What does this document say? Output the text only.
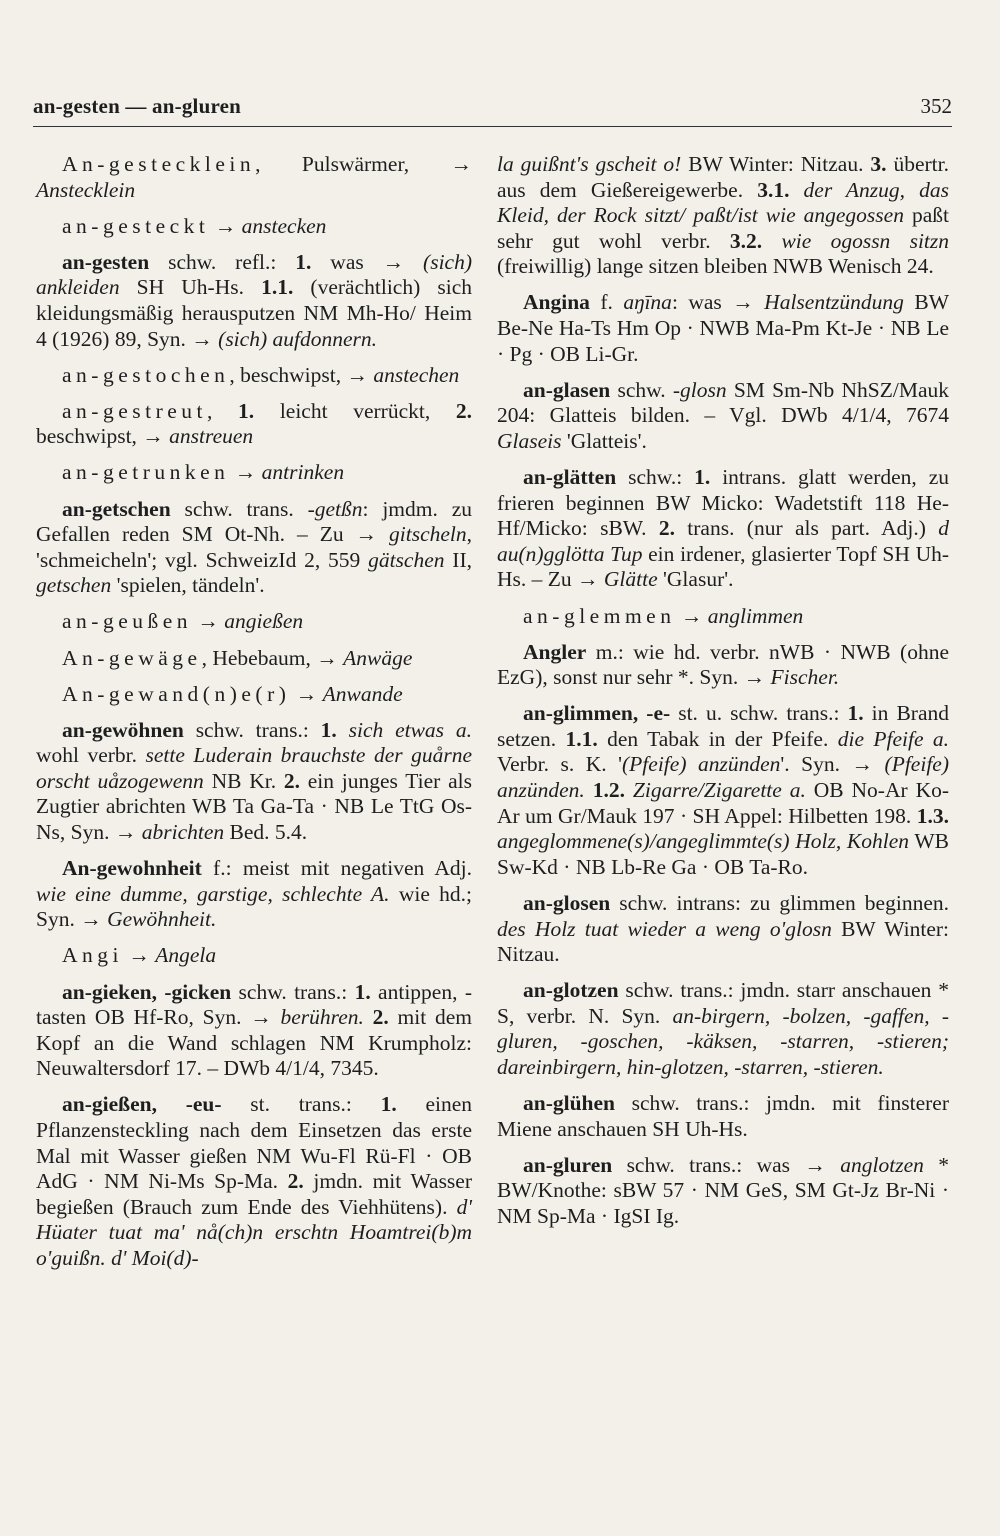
an-gesten — an-gluren	352

An-gestecklein, Pulswärmer, → Anstecklein

an-gesteckt → anstecken

an-gesten schw. refl.: 1. was → (sich) ankleiden SH Uh-Hs. 1.1. (verächtlich) sich kleidungsmäßig herausputzen NM Mh-Ho/ Heim 4 (1926) 89, Syn. → (sich) aufdonnern.

an-gestochen, beschwipst, → anstechen

an-gestreut, 1. leicht verrückt, 2. beschwipst, → anstreuen

an-getrunken → antrinken

an-getschen schw. trans. -getßn: jmdm. zu Gefallen reden SM Ot-Nh. – Zu → gitscheln, 'schmeicheln'; vgl. SchweizId 2, 559 gätschen II, getschen 'spielen, tändeln'.

an-geußen → angießen

An-gewäge, Hebebaum, → Anwäge

An-gewand(n)e(r) → Anwande

an-gewöhnen schw. trans.: 1. sich etwas a. wohl verbr. sette Luderain brauchste der guårne orscht uåzogewenn NB Kr. 2. ein junges Tier als Zugtier abrichten WB Ta Ga-Ta · NB Le TtG Os-Ns, Syn. → abrichten Bed. 5.4.

An-gewohnheit f.: meist mit negativen Adj. wie eine dumme, garstige, schlechte A. wie hd.; Syn. → Gewöhnheit.

Angi → Angela

an-gieken, -gicken schw. trans.: 1. antippen, -tasten OB Hf-Ro, Syn. → berühren. 2. mit dem Kopf an die Wand schlagen NM Krumpholz: Neuwaltersdorf 17. – DWb 4/1/4, 7345.

an-gießen, -eu- st. trans.: 1. einen Pflanzensteckling nach dem Einsetzen das erste Mal mit Wasser gießen NM Wu-Fl Rü-Fl · OB AdG · NM Ni-Ms Sp-Ma. 2. jmdn. mit Wasser begießen (Brauch zum Ende des Viehhütens). d' Hüater tuat ma' nå(ch)n erschtn Hoamtrei(b)m o'guißn. d' Moi(d)-

la guißnt's gscheit o! BW Winter: Nitzau. 3. übertr. aus dem Gießereigewerbe. 3.1. der Anzug, das Kleid, der Rock sitzt/ paßt/ist wie angegossen paßt sehr gut wohl verbr. 3.2. wie ogossn sitzn (freiwillig) lange sitzen bleiben NWB Wenisch 24.

Angina f. aŋīna: was → Halsentzündung BW Be-Ne Ha-Ts Hm Op · NWB Ma-Pm Kt-Je · NB Le · Pg · OB Li-Gr.

an-glasen schw. -glosn SM Sm-Nb NhSZ/Mauk 204: Glatteis bilden. – Vgl. DWb 4/1/4, 7674 Glaseis 'Glatteis'.

an-glätten schw.: 1. intrans. glatt werden, zu frieren beginnen BW Micko: Wadetstift 118 He-Hf/Micko: sBW. 2. trans. (nur als part. Adj.) d au(n)gglötta Tup ein irdener, glasierter Topf SH Uh-Hs. – Zu → Glätte 'Glasur'.

an-glemmen → anglimmen

Angler m.: wie hd. verbr. nWB · NWB (ohne EzG), sonst nur sehr *. Syn. → Fischer.

an-glimmen, -e- st. u. schw. trans.: 1. in Brand setzen. 1.1. den Tabak in der Pfeife. die Pfeife a. Verbr. s. K. '(Pfeife) anzünden'. Syn. → (Pfeife) anzünden. 1.2. Zigarre/Zigarette a. OB No-Ar Ko-Ar um Gr/Mauk 197 · SH Appel: Hilbetten 198. 1.3. angeglommene(s)/angeglimmte(s) Holz, Kohlen WB Sw-Kd · NB Lb-Re Ga · OB Ta-Ro.

an-glosen schw. intrans: zu glimmen beginnen. des Holz tuat wieder a weng o'glosn BW Winter: Nitzau.

an-glotzen schw. trans.: jmdn. starr anschauen * S, verbr. N. Syn. an-birgern, -bolzen, -gaffen, -gluren, -goschen, -käksen, -starren, -stieren; dareinbirgern, hin-glotzen, -starren, -stieren.

an-glühen schw. trans.: jmdn. mit finsterer Miene anschauen SH Uh-Hs.

an-gluren schw. trans.: was → anglotzen * BW/Knothe: sBW 57 · NM GeS, SM Gt-Jz Br-Ni · NM Sp-Ma · IgSI Ig.
